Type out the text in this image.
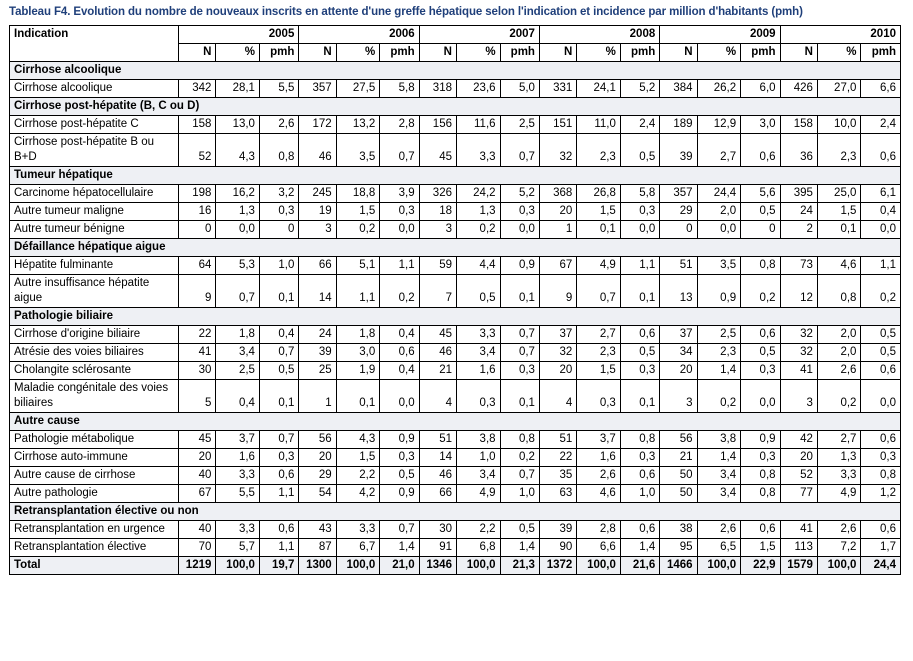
Tableau F4. Evolution du nombre de nouveaux inscrits en attente d'une greffe hépatique selon l'indication et incidence par million d'habitants (pmh)
Indication	2005			2006			2007			2008			2009			2010		
	N	%	pmh	N	%	pmh	N	%	pmh	N	%	pmh	N	%	pmh	N	%	pmh
Cirrhose alcoolique																		
Cirrhose alcoolique	342	28,1	5,5	357	27,5	5,8	318	23,6	5,0	331	24,1	5,2	384	26,2	6,0	426	27,0	6,6
Cirrhose post-hépatite (B, C ou D)																		
Cirrhose post-hépatite C	158	13,0	2,6	172	13,2	2,8	156	11,6	2,5	151	11,0	2,4	189	12,9	3,0	158	10,0	2,4
Cirrhose post-hépatite B ou B+D	52	4,3	0,8	46	3,5	0,7	45	3,3	0,7	32	2,3	0,5	39	2,7	0,6	36	2,3	0,6
Tumeur hépatique																		
Carcinome hépatocellulaire	198	16,2	3,2	245	18,8	3,9	326	24,2	5,2	368	26,8	5,8	357	24,4	5,6	395	25,0	6,1
Autre tumeur maligne	16	1,3	0,3	19	1,5	0,3	18	1,3	0,3	20	1,5	0,3	29	2,0	0,5	24	1,5	0,4
Autre tumeur bénigne	0	0,0	0	3	0,2	0,0	3	0,2	0,0	1	0,1	0,0	0	0,0	0	2	0,1	0,0
Défaillance hépatique aigue																		
Hépatite fulminante	64	5,3	1,0	66	5,1	1,1	59	4,4	0,9	67	4,9	1,1	51	3,5	0,8	73	4,6	1,1
Autre insuffisance hépatite aigue	9	0,7	0,1	14	1,1	0,2	7	0,5	0,1	9	0,7	0,1	13	0,9	0,2	12	0,8	0,2
Pathologie biliaire																		
Cirrhose d'origine biliaire	22	1,8	0,4	24	1,8	0,4	45	3,3	0,7	37	2,7	0,6	37	2,5	0,6	32	2,0	0,5
Atrésie des voies biliaires	41	3,4	0,7	39	3,0	0,6	46	3,4	0,7	32	2,3	0,5	34	2,3	0,5	32	2,0	0,5
Cholangite sclérosante	30	2,5	0,5	25	1,9	0,4	21	1,6	0,3	20	1,5	0,3	20	1,4	0,3	41	2,6	0,6
Maladie congénitale des voies biliaires	5	0,4	0,1	1	0,1	0,0	4	0,3	0,1	4	0,3	0,1	3	0,2	0,0	3	0,2	0,0
Autre cause																		
Pathologie métabolique	45	3,7	0,7	56	4,3	0,9	51	3,8	0,8	51	3,7	0,8	56	3,8	0,9	42	2,7	0,6
Cirrhose auto-immune	20	1,6	0,3	20	1,5	0,3	14	1,0	0,2	22	1,6	0,3	21	1,4	0,3	20	1,3	0,3
Autre cause de cirrhose	40	3,3	0,6	29	2,2	0,5	46	3,4	0,7	35	2,6	0,6	50	3,4	0,8	52	3,3	0,8
Autre pathologie	67	5,5	1,1	54	4,2	0,9	66	4,9	1,0	63	4,6	1,0	50	3,4	0,8	77	4,9	1,2
Retransplantation élective ou non																		
Retransplantation en urgence	40	3,3	0,6	43	3,3	0,7	30	2,2	0,5	39	2,8	0,6	38	2,6	0,6	41	2,6	0,6
Retransplantation élective	70	5,7	1,1	87	6,7	1,4	91	6,8	1,4	90	6,6	1,4	95	6,5	1,5	113	7,2	1,7
Total	1219	100,0	19,7	1300	100,0	21,0	1346	100,0	21,3	1372	100,0	21,6	1466	100,0	22,9	1579	100,0	24,4
